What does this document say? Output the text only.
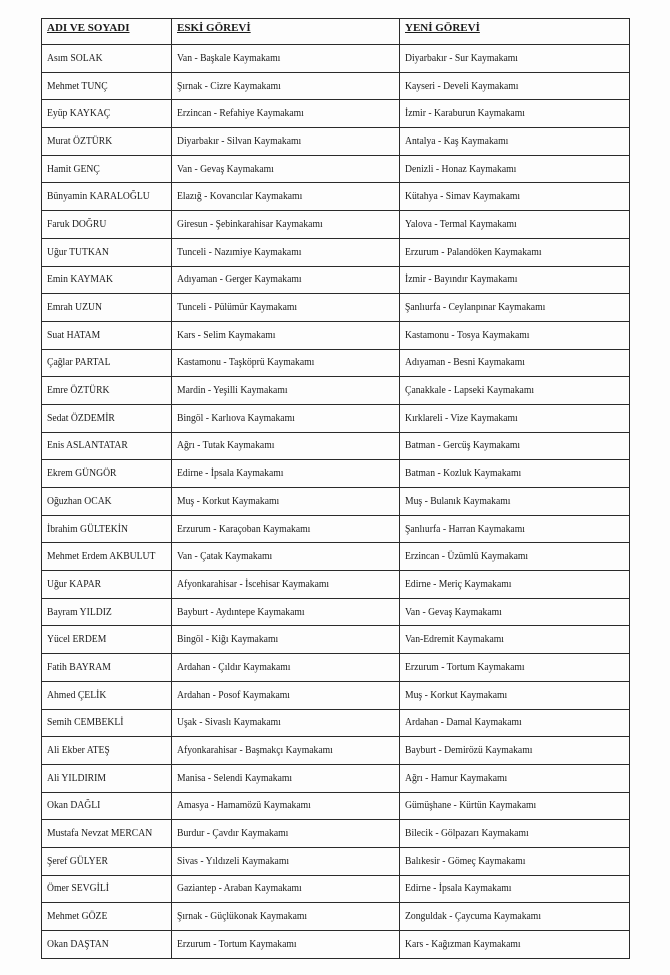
ADI VE SOYADI	ESKİ GÖREVİ	YENİ GÖREVİ
Asım SOLAK	Van - Başkale Kaymakamı	Diyarbakır - Sur Kaymakamı
Mehmet TUNÇ	Şırnak - Cizre Kaymakamı	Kayseri - Develi Kaymakamı
Eyüp KAYKAÇ	Erzincan - Refahiye Kaymakamı	İzmir - Karaburun Kaymakamı
Murat ÖZTÜRK	Diyarbakır - Silvan Kaymakamı	Antalya - Kaş Kaymakamı
Hamit GENÇ	Van - Gevaş Kaymakamı	Denizli - Honaz Kaymakamı
Bünyamin KARALOĞLU	Elazığ - Kovancılar Kaymakamı	Kütahya - Simav Kaymakamı
Faruk DOĞRU	Giresun - Şebinkarahisar Kaymakamı	Yalova - Termal Kaymakamı
Uğur TUTKAN	Tunceli - Nazımiye Kaymakamı	Erzurum - Palandöken Kaymakamı
Emin KAYMAK	Adıyaman - Gerger Kaymakamı	İzmir - Bayındır Kaymakamı
Emrah UZUN	Tunceli - Pülümür Kaymakamı	Şanlıurfa - Ceylanpınar Kaymakamı
Suat HATAM	Kars - Selim Kaymakamı	Kastamonu - Tosya Kaymakamı
Çağlar PARTAL	Kastamonu - Taşköprü Kaymakamı	Adıyaman - Besni Kaymakamı
Emre ÖZTÜRK	Mardin - Yeşilli Kaymakamı	Çanakkale - Lapseki Kaymakamı
Sedat ÖZDEMİR	Bingöl - Karlıova Kaymakamı	Kırklareli - Vize Kaymakamı
Enis ASLANTATAR	Ağrı - Tutak Kaymakamı	Batman - Gercüş Kaymakamı
Ekrem GÜNGÖR	Edirne - İpsala Kaymakamı	Batman - Kozluk Kaymakamı
Oğuzhan OCAK	Muş - Korkut Kaymakamı	Muş - Bulanık Kaymakamı
İbrahim GÜLTEKİN	Erzurum - Karaçoban Kaymakamı	Şanlıurfa - Harran Kaymakamı
Mehmet Erdem AKBULUT	Van - Çatak Kaymakamı	Erzincan - Üzümlü Kaymakamı
Uğur KAPAR	Afyonkarahisar - İscehisar Kaymakamı	Edirne - Meriç Kaymakamı
Bayram YILDIZ	Bayburt - Aydıntepe Kaymakamı	Van - Gevaş Kaymakamı
Yücel ERDEM	Bingöl - Kiğı Kaymakamı	Van-Edremit Kaymakamı
Fatih BAYRAM	Ardahan - Çıldır Kaymakamı	Erzurum - Tortum Kaymakamı
Ahmed ÇELİK	Ardahan - Posof Kaymakamı	Muş - Korkut Kaymakamı
Semih CEMBEKLİ	Uşak - Sivaslı Kaymakamı	Ardahan - Damal Kaymakamı
Ali Ekber ATEŞ	Afyonkarahisar - Başmakçı Kaymakamı	Bayburt - Demirözü Kaymakamı
Ali YILDIRIM	Manisa - Selendi Kaymakamı	Ağrı - Hamur Kaymakamı
Okan DAĞLI	Amasya - Hamamözü Kaymakamı	Gümüşhane - Kürtün Kaymakamı
Mustafa Nevzat MERCAN	Burdur - Çavdır Kaymakamı	Bilecik - Gölpazarı Kaymakamı
Şeref GÜLYER	Sivas - Yıldızeli Kaymakamı	Balıkesir - Gömeç Kaymakamı
Ömer SEVGİLİ	Gaziantep - Araban Kaymakamı	Edirne - İpsala Kaymakamı
Mehmet GÖZE	Şırnak - Güçlükonak Kaymakamı	Zonguldak - Çaycuma Kaymakamı
Okan DAŞTAN	Erzurum - Tortum Kaymakamı	Kars - Kağızman Kaymakamı
